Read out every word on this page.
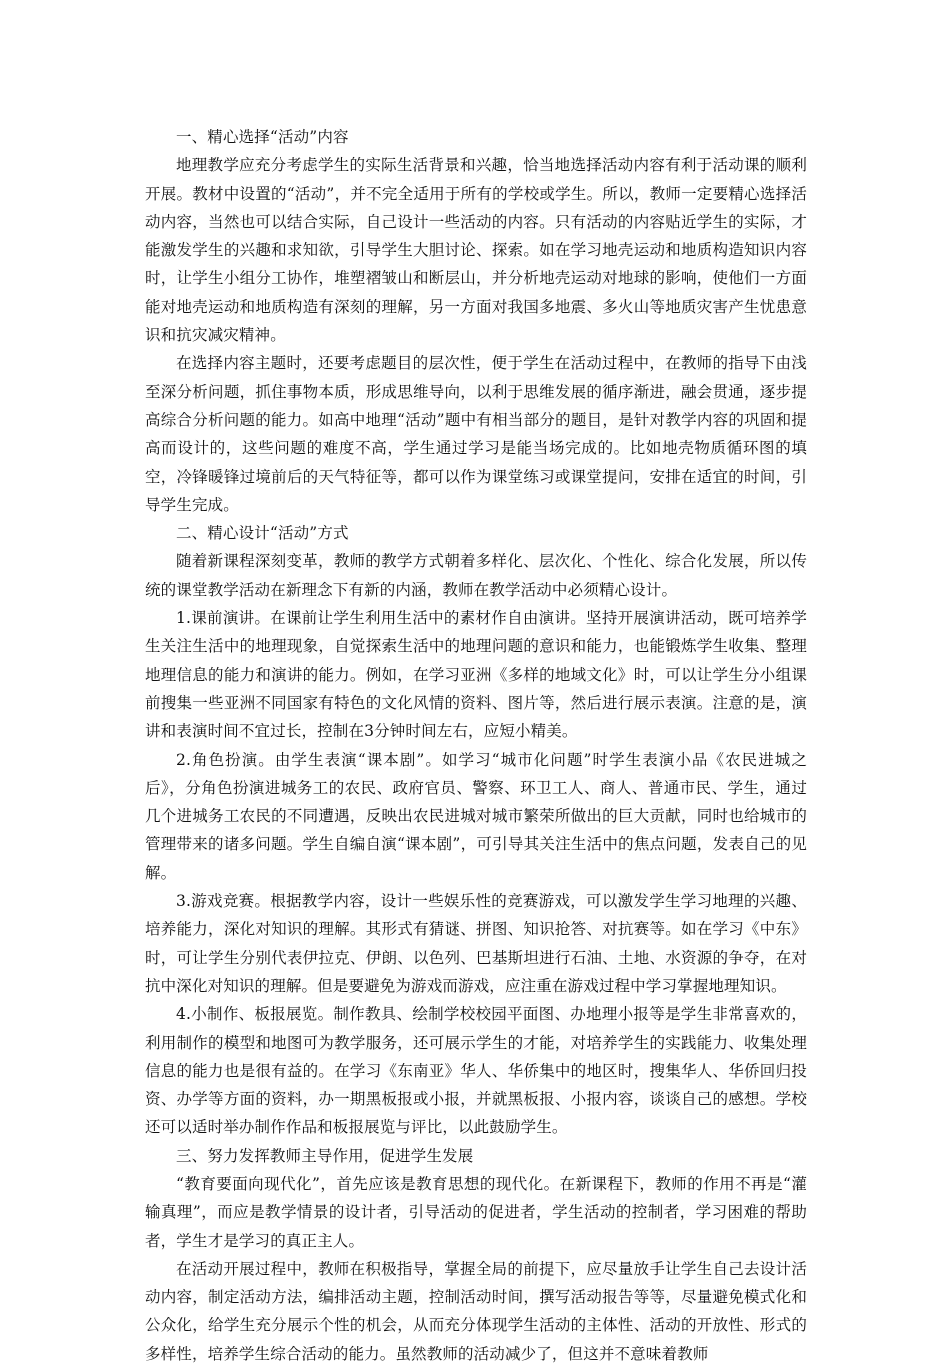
一、精心选择“活动”内容

地理教学应充分考虑学生的实际生活背景和兴趣，恰当地选择活动内容有利于活动课的顺利开展。教材中设置的“活动”，并不完全适用于所有的学校或学生。所以，教师一定要精心选择活动内容，当然也可以结合实际，自己设计一些活动的内容。只有活动的内容贴近学生的实际，才能激发学生的兴趣和求知欲，引导学生大胆讨论、探索。如在学习地壳运动和地质构造知识内容时，让学生小组分工协作，堆塑褶皱山和断层山，并分析地壳运动对地球的影响，使他们一方面能对地壳运动和地质构造有深刻的理解，另一方面对我国多地震、多火山等地质灾害产生忧患意识和抗灾减灾精神。

在选择内容主题时，还要考虑题目的层次性，便于学生在活动过程中，在教师的指导下由浅至深分析问题，抓住事物本质，形成思维导向，以利于思维发展的循序渐进，融会贯通，逐步提高综合分析问题的能力。如高中地理“活动”题中有相当部分的题目，是针对教学内容的巩固和提高而设计的，这些问题的难度不高，学生通过学习是能当场完成的。比如地壳物质循环图的填空，冷锋暖锋过境前后的天气特征等，都可以作为课堂练习或课堂提问，安排在适宜的时间，引导学生完成。

二、精心设计“活动”方式

随着新课程深刻变革，教师的教学方式朝着多样化、层次化、个性化、综合化发展，所以传统的课堂教学活动在新理念下有新的内涵，教师在教学活动中必须精心设计。

1.课前演讲。在课前让学生利用生活中的素材作自由演讲。坚持开展演讲活动，既可培养学生关注生活中的地理现象，自觉探索生活中的地理问题的意识和能力，也能锻炼学生收集、整理地理信息的能力和演讲的能力。例如，在学习亚洲《多样的地域文化》时，可以让学生分小组课前搜集一些亚洲不同国家有特色的文化风情的资料、图片等，然后进行展示表演。注意的是，演讲和表演时间不宜过长，控制在3分钟时间左右，应短小精美。

2.角色扮演。由学生表演“课本剧”。如学习“城市化问题”时学生表演小品《农民进城之后》，分角色扮演进城务工的农民、政府官员、警察、环卫工人、商人、普通市民、学生，通过几个进城务工农民的不同遭遇，反映出农民进城对城市繁荣所做出的巨大贡献，同时也给城市的管理带来的诸多问题。学生自编自演“课本剧”，可引导其关注生活中的焦点问题，发表自己的见解。

3.游戏竞赛。根据教学内容，设计一些娱乐性的竞赛游戏，可以激发学生学习地理的兴趣、培养能力，深化对知识的理解。其形式有猜谜、拼图、知识抢答、对抗赛等。如在学习《中东》时，可让学生分别代表伊拉克、伊朗、以色列、巴基斯坦进行石油、土地、水资源的争夺，在对抗中深化对知识的理解。但是要避免为游戏而游戏，应注重在游戏过程中学习掌握地理知识。

4.小制作、板报展览。制作教具、绘制学校校园平面图、办地理小报等是学生非常喜欢的，利用制作的模型和地图可为教学服务，还可展示学生的才能，对培养学生的实践能力、收集处理信息的能力也是很有益的。在学习《东南亚》华人、华侨集中的地区时，搜集华人、华侨回归投资、办学等方面的资料，办一期黑板报或小报，并就黑板报、小报内容，谈谈自己的感想。学校还可以适时举办制作作品和板报展览与评比，以此鼓励学生。

三、努力发挥教师主导作用，促进学生发展

“教育要面向现代化”，首先应该是教育思想的现代化。在新课程下，教师的作用不再是“灌输真理”，而应是教学情景的设计者，引导活动的促进者，学生活动的控制者，学习困难的帮助者，学生才是学习的真正主人。

在活动开展过程中，教师在积极指导，掌握全局的前提下，应尽量放手让学生自己去设计活动内容，制定活动方法，编排活动主题，控制活动时间，撰写活动报告等等，尽量避免模式化和公众化，给学生充分展示个性的机会，从而充分体现学生活动的主体性、活动的开放性、形式的多样性，培养学生综合活动的能力。虽然教师的活动减少了，但这并不意味着教师
